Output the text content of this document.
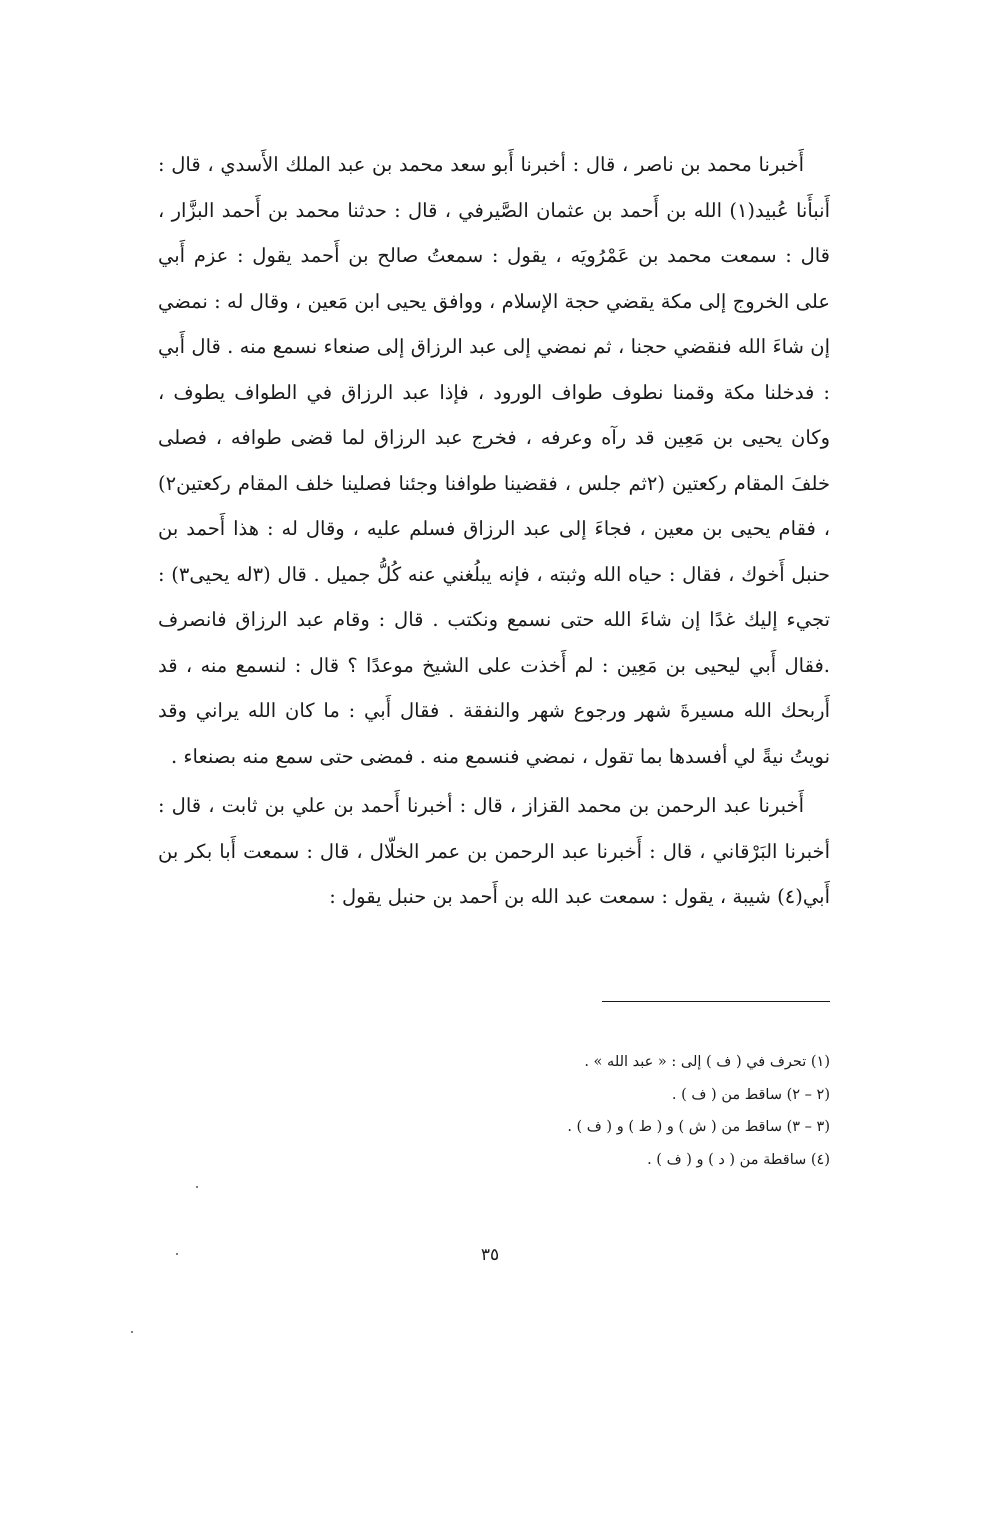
أَخبرنا محمد بن ناصر ، قال : أخبرنا أَبو سعد محمد بن عبد الملك الأَسدي ، قال : أَنبأَنا عُبيد(١) الله بن أَحمد بن عثمان الصَّيرفي ، قال : حدثنا محمد بن أَحمد البزَّار ، قال : سمعت محمد بن عَمْرُويَه ، يقول : سمعتُ صالح بن أَحمد يقول : عزم أَبي على الخروج إلى مكة يقضي حجة الإسلام ، ووافق يحيى ابن مَعين ، وقال له : نمضي إن شاءَ الله فنقضي حجنا ، ثم نمضي إلى عبد الرزاق إلى صنعاء نسمع منه . قال أَبي : فدخلنا مكة وقمنا نطوف طواف الورود ، فإذا عبد الرزاق في الطواف يطوف ، وكان يحيى بن مَعِين قد رآه وعرفه ، فخرج عبد الرزاق لما قضى طوافه ، فصلى خلفَ المقام ركعتين (٢ثم جلس ، فقضينا طوافنا وجئنا فصلينا خلف المقام ركعتين٢) ، فقام يحيى بن معين ، فجاءَ إلى عبد الرزاق فسلم عليه ، وقال له : هذا أَحمد بن حنبل أَخوك ، فقال : حياه الله وثبته ، فإنه يبلُغني عنه كُلُّ جميل . قال (٣له يحيى٣) : تجيء إليك غدًا إن شاءَ الله حتى نسمع ونكتب . قال : وقام عبد الرزاق فانصرف .فقال أَبي ليحيى بن مَعِين : لم أَخذت على الشيخ موعدًا ؟ قال : لنسمع منه ، قد أَربحك الله مسيرةَ شهر ورجوع شهر والنفقة . فقال أَبي : ما كان الله يراني وقد نويتُ نيةً لي أفسدها بما تقول ، نمضي فنسمع منه . فمضى حتى سمع منه بصنعاء .

أَخبرنا عبد الرحمن بن محمد القزاز ، قال : أخبرنا أَحمد بن علي بن ثابت ، قال : أخبرنا البَرْقاني ، قال : أَخبرنا عبد الرحمن بن عمر الخلّال ، قال : سمعت أَبا بكر بن أَبي(٤) شيبة ، يقول : سمعت عبد الله بن أَحمد بن حنبل يقول :

(١) تحرف في ( ف ) إلى : « عبد الله » .
(٢ – ٢) ساقط من ( ف ) .
(٣ – ٣) ساقط من ( ش ) و ( ط ) و ( ف ) .
(٤) ساقطة من ( د ) و ( ف ) .
٣٥
